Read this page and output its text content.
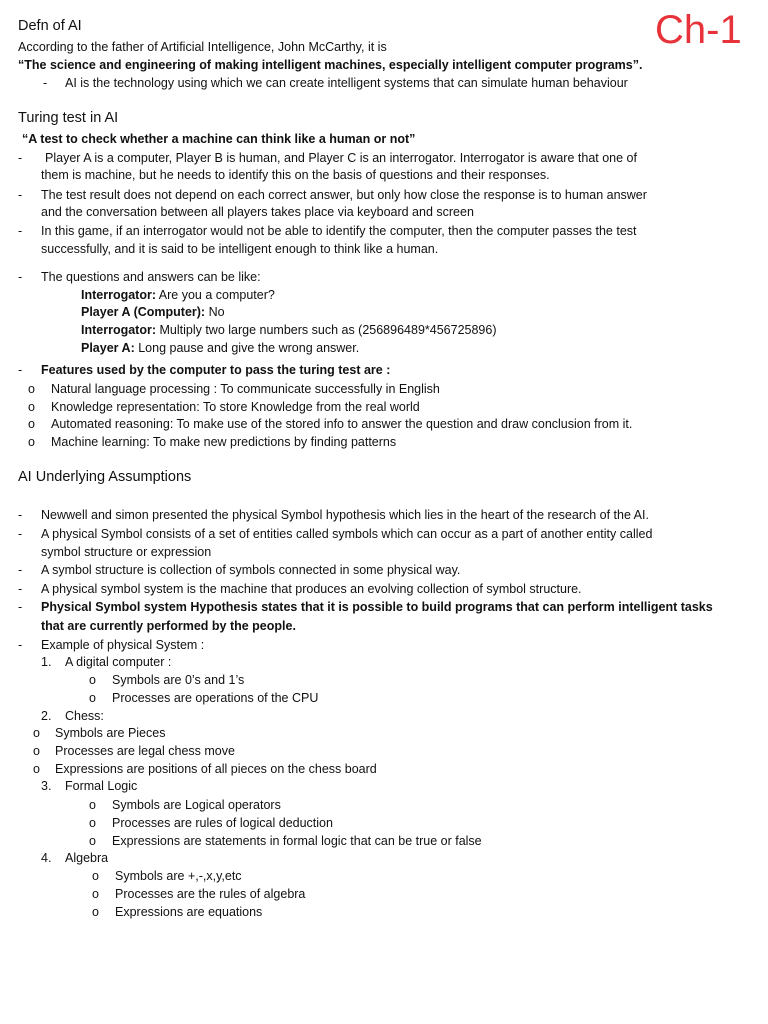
Ch-1
Defn of AI
According to the father of Artificial Intelligence, John McCarthy, it is
“The science and engineering of making intelligent machines, especially intelligent computer programs”.
- AI is the technology using which we can create intelligent systems that can simulate human behaviour
Turing test in AI
“A test to check whether a machine can think like a human or not”
- Player A is a computer, Player B is human, and Player C is an interrogator. Interrogator is aware that one of
them is machine, but he needs to identify this on the basis of questions and their responses.
- The test result does not depend on each correct answer, but only how close the response is to human answer
and the conversation between all players takes place via keyboard and screen
- In this game, if an interrogator would not be able to identify the computer, then the computer passes the test
successfully, and it is said to be intelligent enough to think like a human.
- The questions and answers can be like:
Interrogator: Are you a computer?
Player A (Computer): No
Interrogator: Multiply two large numbers such as (256896489*456725896)
Player A: Long pause and give the wrong answer.
- Features used by the computer to pass the turing test are :
o Natural language processing : To communicate successfully in English
o Knowledge representation: To store Knowledge from the real world
o Automated reasoning: To make use of the stored info to answer the question and draw conclusion from it.
o Machine learning: To make new predictions by finding patterns
AI Underlying Assumptions
- Newwell and simon presented the physical Symbol hypothesis which lies in the heart of the research of the AI.
- A physical Symbol consists of a set of entities called symbols which can occur as a part of another entity called
symbol structure or expression
- A symbol structure is collection of symbols connected in some physical way.
- A physical symbol system is the machine that produces an evolving collection of symbol structure.
- Physical Symbol system Hypothesis states that it is possible to build programs that can perform intelligent tasks
that are currently performed by the people.
- Example of physical System :
1. A digital computer :
o Symbols are 0’s and 1’s
o Processes are operations of the CPU
2. Chess:
o Symbols are Pieces
o Processes are legal chess move
o Expressions are positions of all pieces on the chess board
3. Formal Logic
o Symbols are Logical operators
o Processes are rules of logical deduction
o Expressions are statements in formal logic that can be true or false
4. Algebra
o Symbols are +,-,x,y,etc
o Processes are the rules of algebra
o Expressions are equations
